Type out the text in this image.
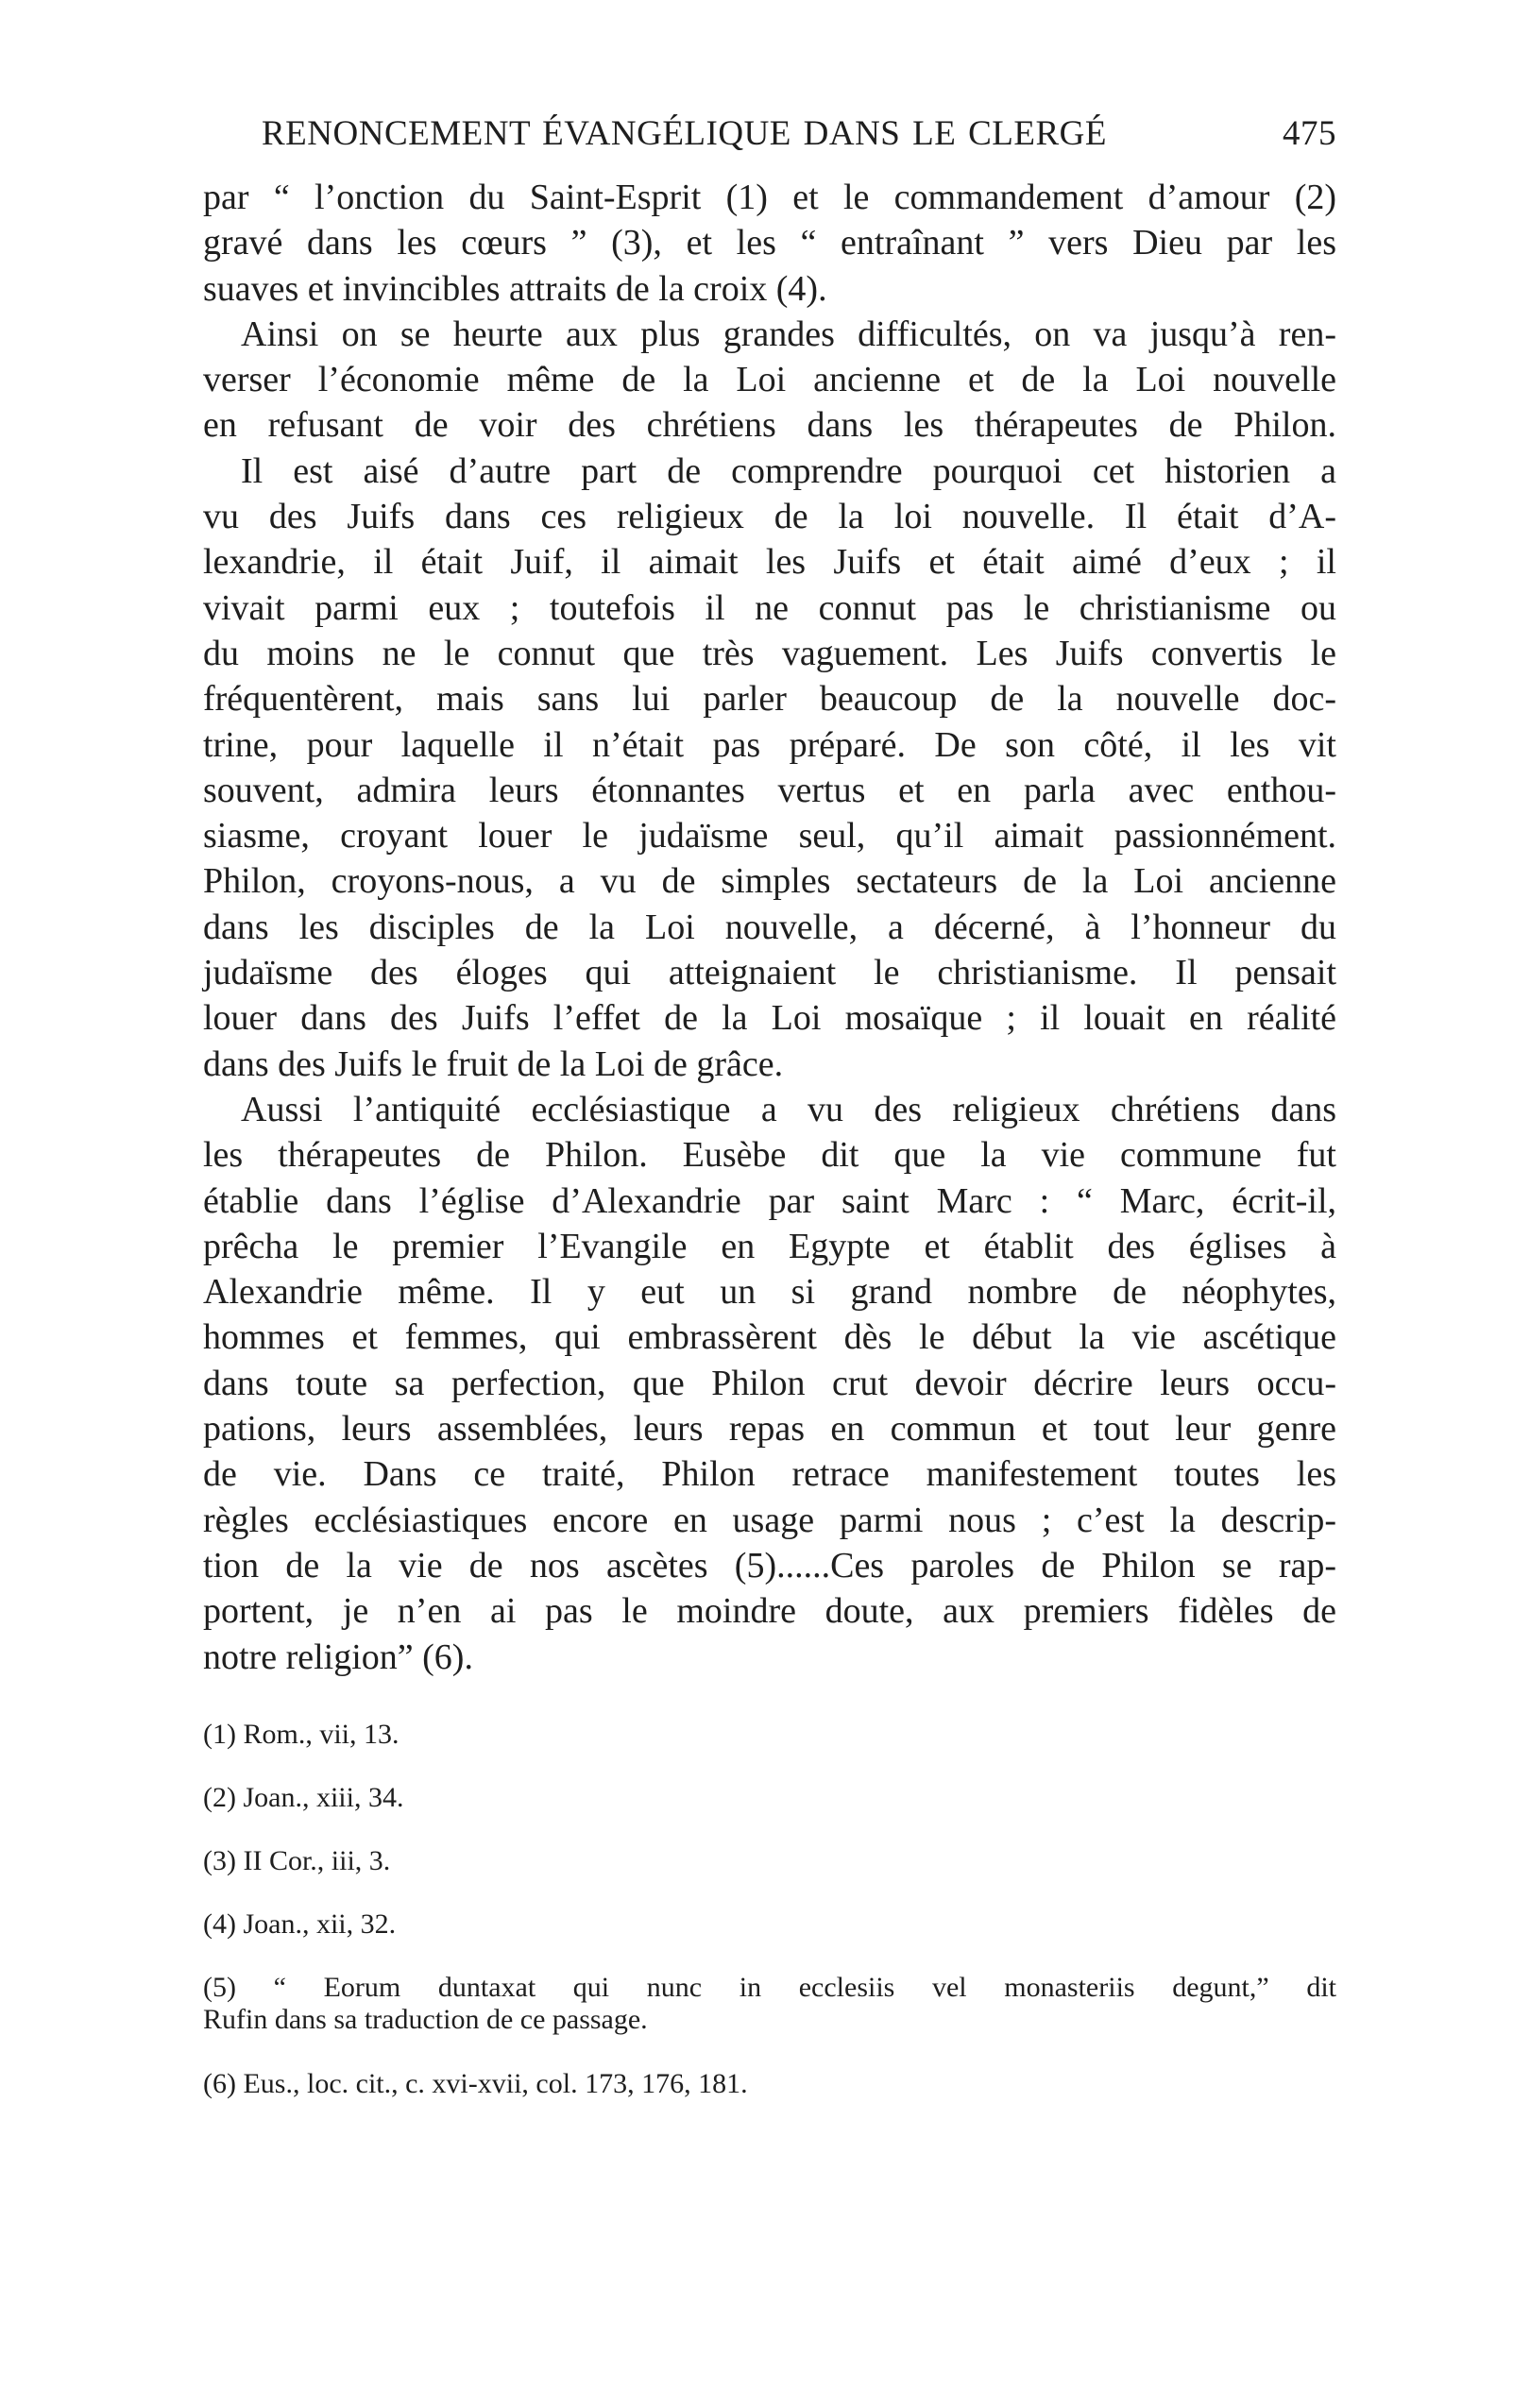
RENONCEMENT ÉVANGÉLIQUE DANS LE CLERGÉ	475
par “ l’onction du Saint-Esprit (1) et le commandement d’amour (2)
gravé dans les cœurs ” (3), et les “ entraînant ” vers Dieu par les
suaves et invincibles attraits de la croix (4).
Ainsi on se heurte aux plus grandes difficultés, on va jusqu’à ren-
verser l’économie même de la Loi ancienne et de la Loi nouvelle
en refusant de voir des chrétiens dans les thérapeutes de Philon.
Il est aisé d’autre part de comprendre pourquoi cet historien a
vu des Juifs dans ces religieux de la loi nouvelle. Il était d’A-
lexandrie, il était Juif, il aimait les Juifs et était aimé d’eux ; il
vivait parmi eux ; toutefois il ne connut pas le christianisme ou
du moins ne le connut que très vaguement. Les Juifs convertis le
fréquentèrent, mais sans lui parler beaucoup de la nouvelle doc-
trine, pour laquelle il n’était pas préparé. De son côté, il les vit
souvent, admira leurs étonnantes vertus et en parla avec enthou-
siasme, croyant louer le judaïsme seul, qu’il aimait passionnément.
Philon, croyons-nous, a vu de simples sectateurs de la Loi ancienne
dans les disciples de la Loi nouvelle, a décerné, à l’honneur du
judaïsme des éloges qui atteignaient le christianisme. Il pensait
louer dans des Juifs l’effet de la Loi mosaïque ; il louait en réalité
dans des Juifs le fruit de la Loi de grâce.
Aussi l’antiquité ecclésiastique a vu des religieux chrétiens dans
les thérapeutes de Philon. Eusèbe dit que la vie commune fut
établie dans l’église d’Alexandrie par saint Marc : “ Marc, écrit-il,
prêcha le premier l’Evangile en Egypte et établit des églises à
Alexandrie même. Il y eut un si grand nombre de néophytes,
hommes et femmes, qui embrassèrent dès le début la vie ascétique
dans toute sa perfection, que Philon crut devoir décrire leurs occu-
pations, leurs assemblées, leurs repas en commun et tout leur genre
de vie. Dans ce traité, Philon retrace manifestement toutes les
règles ecclésiastiques encore en usage parmi nous ; c’est la descrip-
tion de la vie de nos ascètes (5)......Ces paroles de Philon se rap-
portent, je n’en ai pas le moindre doute, aux premiers fidèles de
notre religion” (6).
(1) Rom., vii, 13.
(2) Joan., xiii, 34.
(3) II Cor., iii, 3.
(4) Joan., xii, 32.
(5) “ Eorum duntaxat qui nunc in ecclesiis vel monasteriis degunt,” dit
Rufin dans sa traduction de ce passage.
(6) Eus., loc. cit., c. xvi-xvii, col. 173, 176, 181.
